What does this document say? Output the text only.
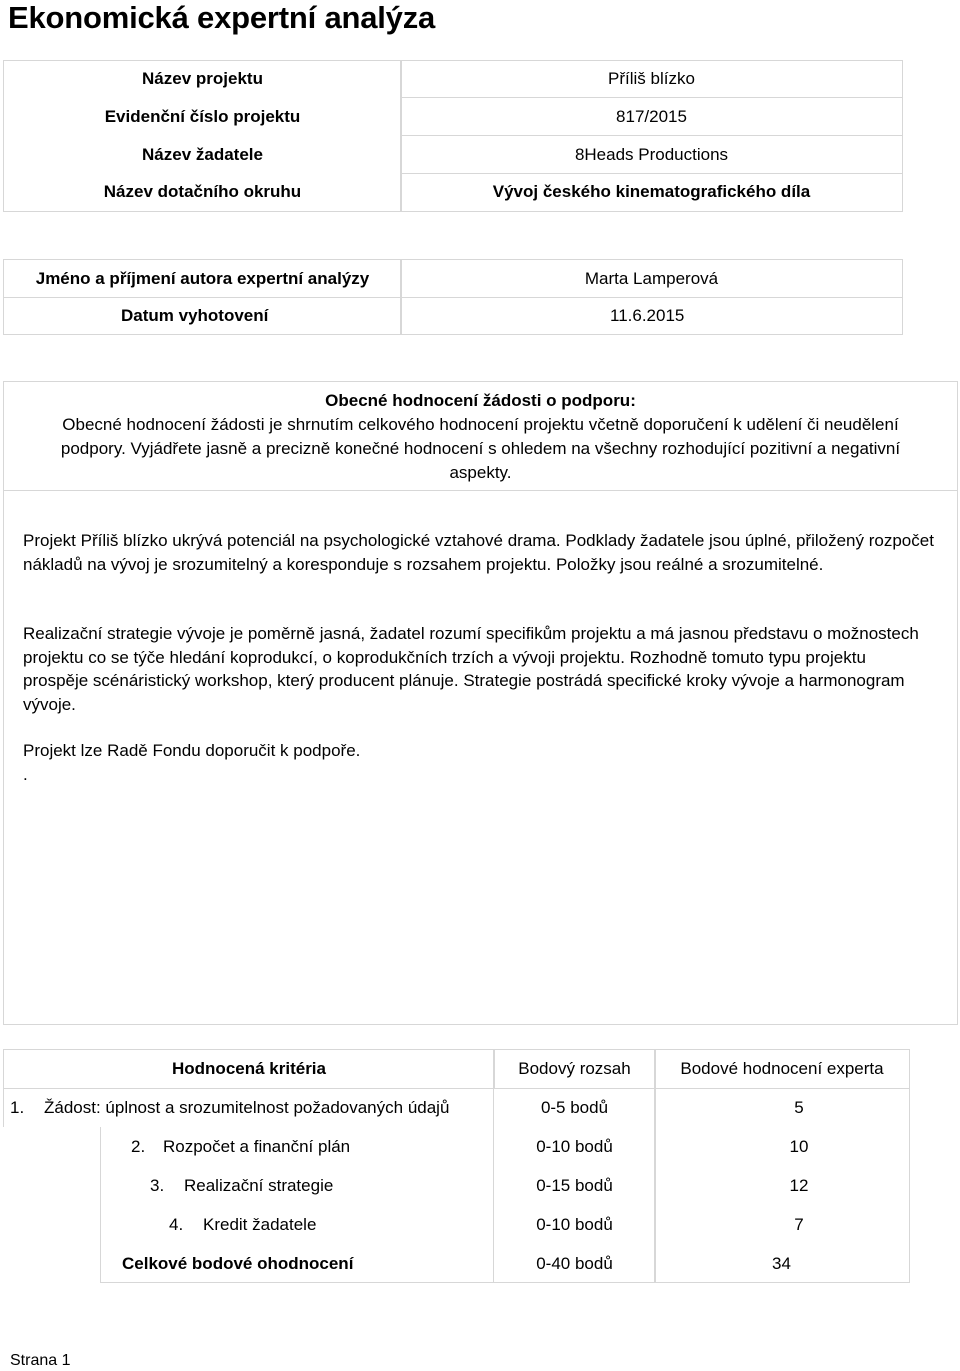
Ekonomická expertní analýza
Název projektu	Příliš blízko
Evidenční číslo projektu	817/2015
Název žadatele	8Heads Productions
Název dotačního okruhu	Vývoj českého kinematografického díla
Jméno a příjmení autora expertní analýzy	Marta Lamperová
Datum vyhotovení	11.6.2015
Obecné hodnocení žádosti o podporu:
Obecné hodnocení žádosti je shrnutím celkového hodnocení projektu včetně doporučení k udělení či neudělení
podpory. Vyjádřete jasně a precizně konečné hodnocení s ohledem na všechny rozhodující pozitivní a negativní
aspekty.

Projekt Příliš blízko ukrývá potenciál na psychologické vztahové drama. Podklady žadatele jsou úplné, přiložený rozpočet nákladů na vývoj je srozumitelný a koresponduje s rozsahem projektu. Položky jsou reálné a srozumitelné.

Realizační strategie vývoje je poměrně jasná, žadatel rozumí specifikům projektu a má jasnou představu o možnostech projektu co se týče hledání koprodukcí, o koprodukčních trzích a vývoji projektu. Rozhodně tomuto typu projektu prospěje scénáristický workshop, který producent plánuje. Strategie postrádá specifické kroky vývoje a harmonogram vývoje.

Projekt lze Radě Fondu doporučit k podpoře.

.

Hodnocená kritéria	Bodový rozsah	Bodové hodnocení experta
1. Žádost: úplnost a srozumitelnost požadovaných údajů	0-5 bodů	5
2. Rozpočet a finanční plán	0-10 bodů	10
3. Realizační strategie	0-15 bodů	12
4. Kredit žadatele	0-10 bodů	7
Celkové bodové ohodnocení	0-40 bodů	34
Strana 1
